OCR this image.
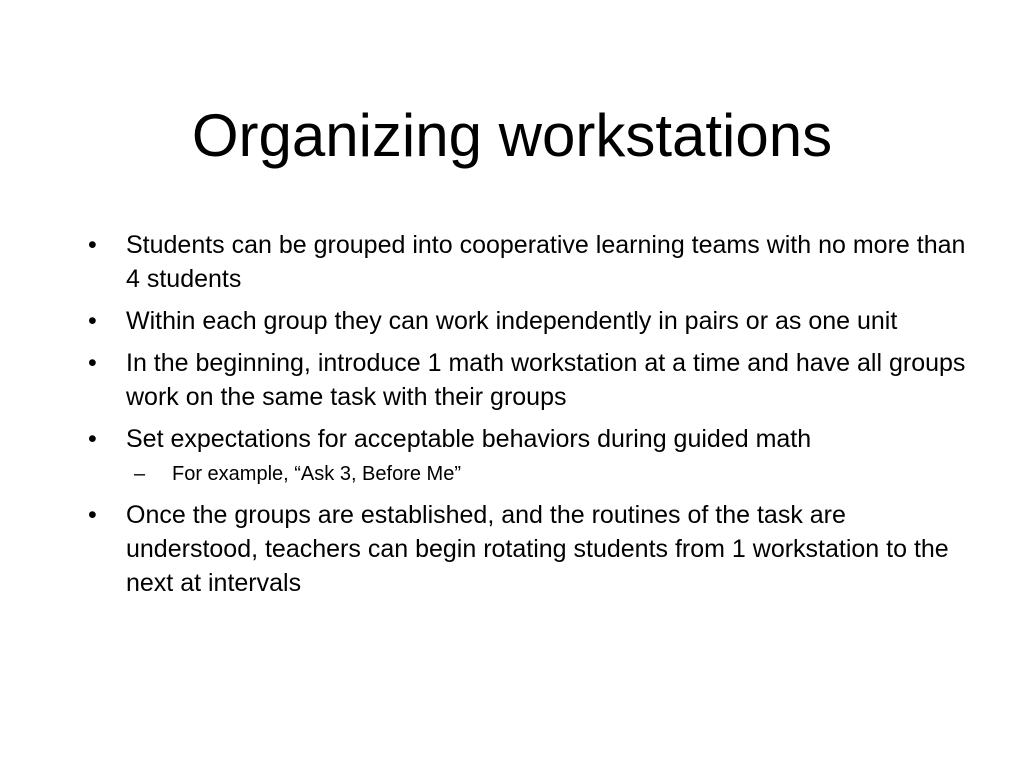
Organizing workstations
•	Students can be grouped into cooperative learning teams with no more than 4 students
•	Within each group they can work independently in pairs or as one unit
•	In the beginning, introduce 1 math workstation at a time and have all groups work on the same task with their groups
•	Set expectations for acceptable behaviors during guided math
–	For example, “Ask 3, Before Me”
•	Once the groups are established, and the routines of the task are understood, teachers can begin rotating students from 1 workstation to the next at intervals
